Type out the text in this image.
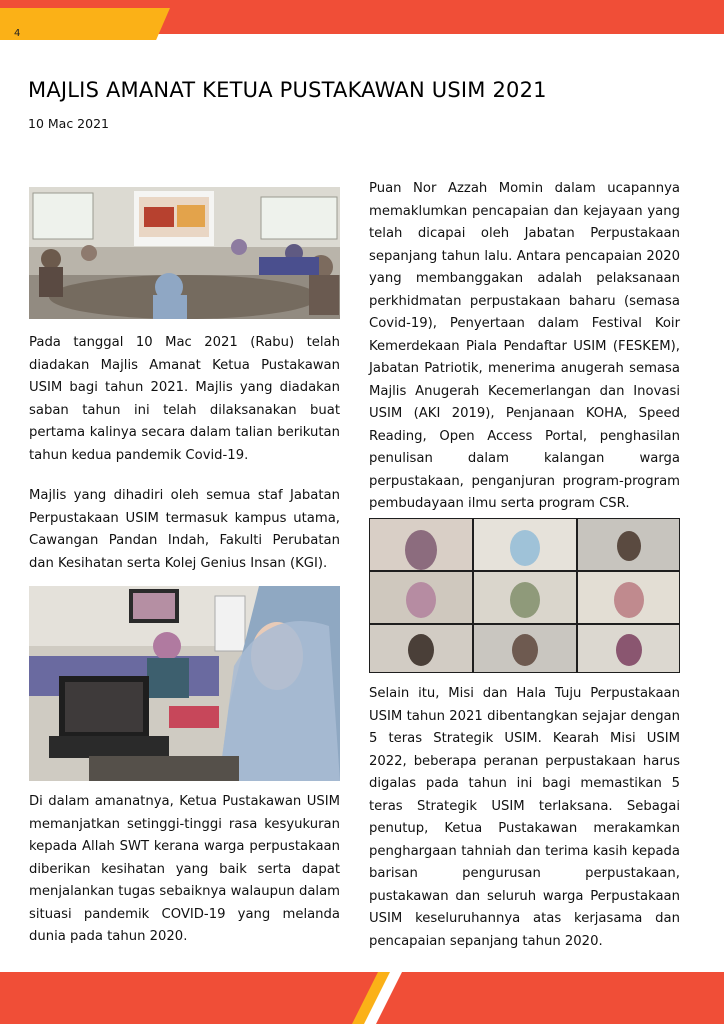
4
MAJLIS AMANAT KETUA PUSTAKAWAN USIM 2021
10 Mac 2021

Pada tanggal 10 Mac 2021 (Rabu) telah diadakan Majlis Amanat Ketua Pustakawan USIM bagi tahun 2021. Majlis yang diadakan saban tahun ini telah dilaksanakan buat pertama kalinya secara dalam talian berikutan tahun kedua pandemik Covid-19.

Majlis yang dihadiri oleh semua staf Jabatan Perpustakaan USIM termasuk kampus utama, Cawangan Pandan Indah, Fakulti Perubatan dan Kesihatan serta Kolej Genius Insan (KGI).

Di dalam amanatnya, Ketua Pustakawan USIM memanjatkan setinggi-tinggi rasa kesyukuran kepada Allah SWT kerana warga perpustakaan diberikan kesihatan yang baik serta dapat menjalankan tugas sebaiknya walaupun dalam situasi pandemik COVID-19 yang melanda dunia pada tahun 2020.

Puan Nor Azzah Momin dalam ucapannya memaklumkan pencapaian dan kejayaan yang telah dicapai oleh Jabatan Perpustakaan sepanjang tahun lalu. Antara pencapaian 2020 yang membanggakan adalah pelaksanaan perkhidmatan perpustakaan baharu (semasa Covid-19), Penyertaan dalam Festival Koir Kemerdekaan Piala Pendaftar USIM (FESKEM), Jabatan Patriotik, menerima anugerah semasa Majlis Anugerah Kecemerlangan dan Inovasi USIM (AKI 2019), Penjanaan KOHA, Speed Reading, Open Access Portal, penghasilan penulisan dalam kalangan warga perpustakaan, penganjuran program-program pembudayaan ilmu serta program CSR.

Selain itu, Misi dan Hala Tuju Perpustakaan USIM tahun 2021 dibentangkan sejajar dengan 5 teras Strategik USIM. Kearah Misi USIM 2022, beberapa peranan perpustakaan harus digalas pada tahun ini bagi memastikan 5 teras Strategik USIM terlaksana. Sebagai penutup, Ketua Pustakawan merakamkan penghargaan tahniah dan terima kasih kepada barisan pengurusan perpustakaan, pustakawan dan seluruh warga Perpustakaan USIM keseluruhannya atas kerjasama dan pencapaian sepanjang tahun 2020.
